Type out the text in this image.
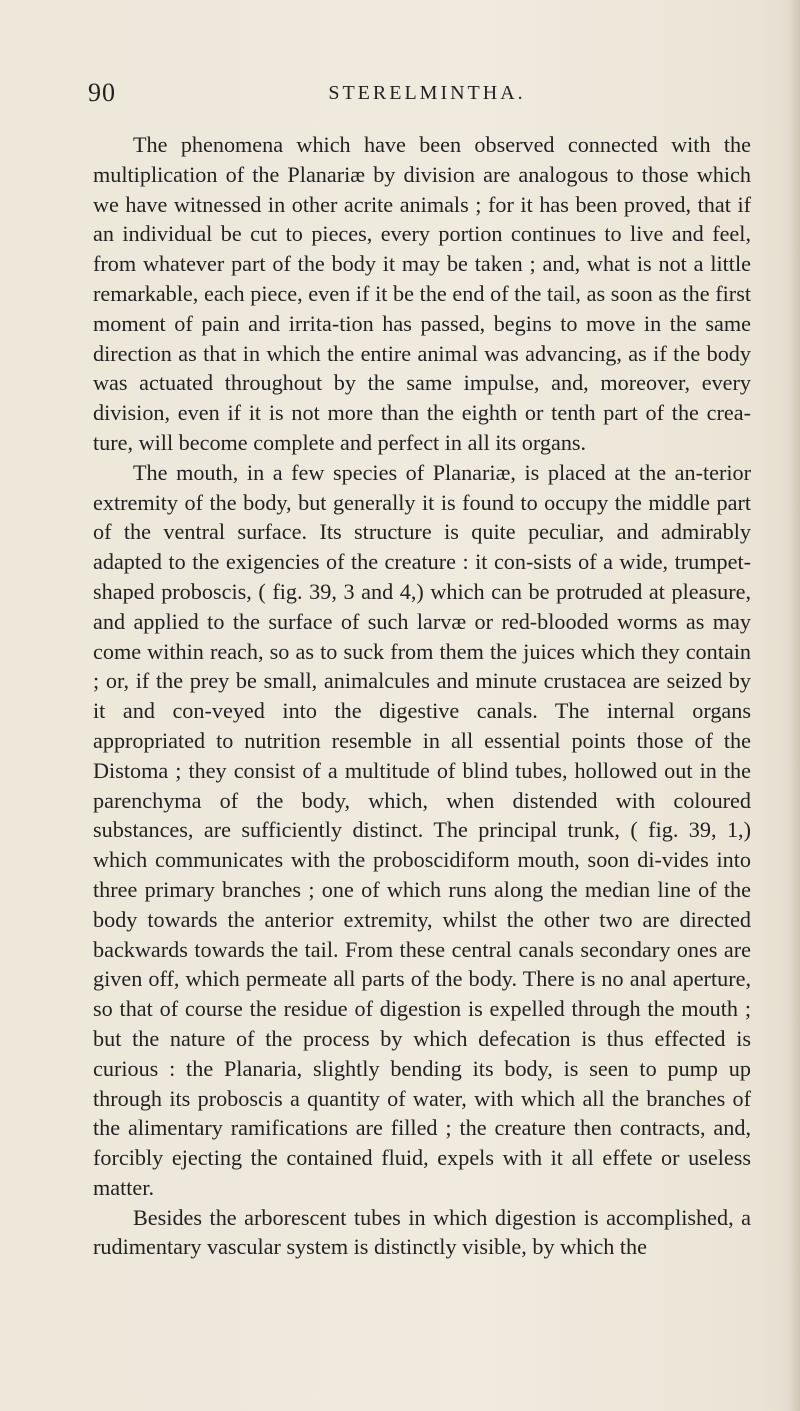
90	STERELMINTHA.

The phenomena which have been observed connected with the multiplication of the Planariæ by division are analogous to those which we have witnessed in other acrite animals ; for it has been proved, that if an individual be cut to pieces, every portion continues to live and feel, from whatever part of the body it may be taken ; and, what is not a little remarkable, each piece, even if it be the end of the tail, as soon as the first moment of pain and irrita-tion has passed, begins to move in the same direction as that in which the entire animal was advancing, as if the body was actuated throughout by the same impulse, and, moreover, every division, even if it is not more than the eighth or tenth part of the crea-ture, will become complete and perfect in all its organs.

The mouth, in a few species of Planariæ, is placed at the an-terior extremity of the body, but generally it is found to occupy the middle part of the ventral surface. Its structure is quite peculiar, and admirably adapted to the exigencies of the creature : it con-sists of a wide, trumpet-shaped proboscis, ( fig. 39, 3 and 4,) which can be protruded at pleasure, and applied to the surface of such larvæ or red-blooded worms as may come within reach, so as to suck from them the juices which they contain ; or, if the prey be small, animalcules and minute crustacea are seized by it and con-veyed into the digestive canals. The internal organs appropriated to nutrition resemble in all essential points those of the Distoma ; they consist of a multitude of blind tubes, hollowed out in the parenchyma of the body, which, when distended with coloured substances, are sufficiently distinct. The principal trunk, ( fig. 39, 1,) which communicates with the proboscidiform mouth, soon di-vides into three primary branches ; one of which runs along the median line of the body towards the anterior extremity, whilst the other two are directed backwards towards the tail. From these central canals secondary ones are given off, which permeate all parts of the body. There is no anal aperture, so that of course the residue of digestion is expelled through the mouth ; but the nature of the process by which defecation is thus effected is curious : the Planaria, slightly bending its body, is seen to pump up through its proboscis a quantity of water, with which all the branches of the alimentary ramifications are filled ; the creature then contracts, and, forcibly ejecting the contained fluid, expels with it all effete or useless matter.

Besides the arborescent tubes in which digestion is accomplished, a rudimentary vascular system is distinctly visible, by which the
